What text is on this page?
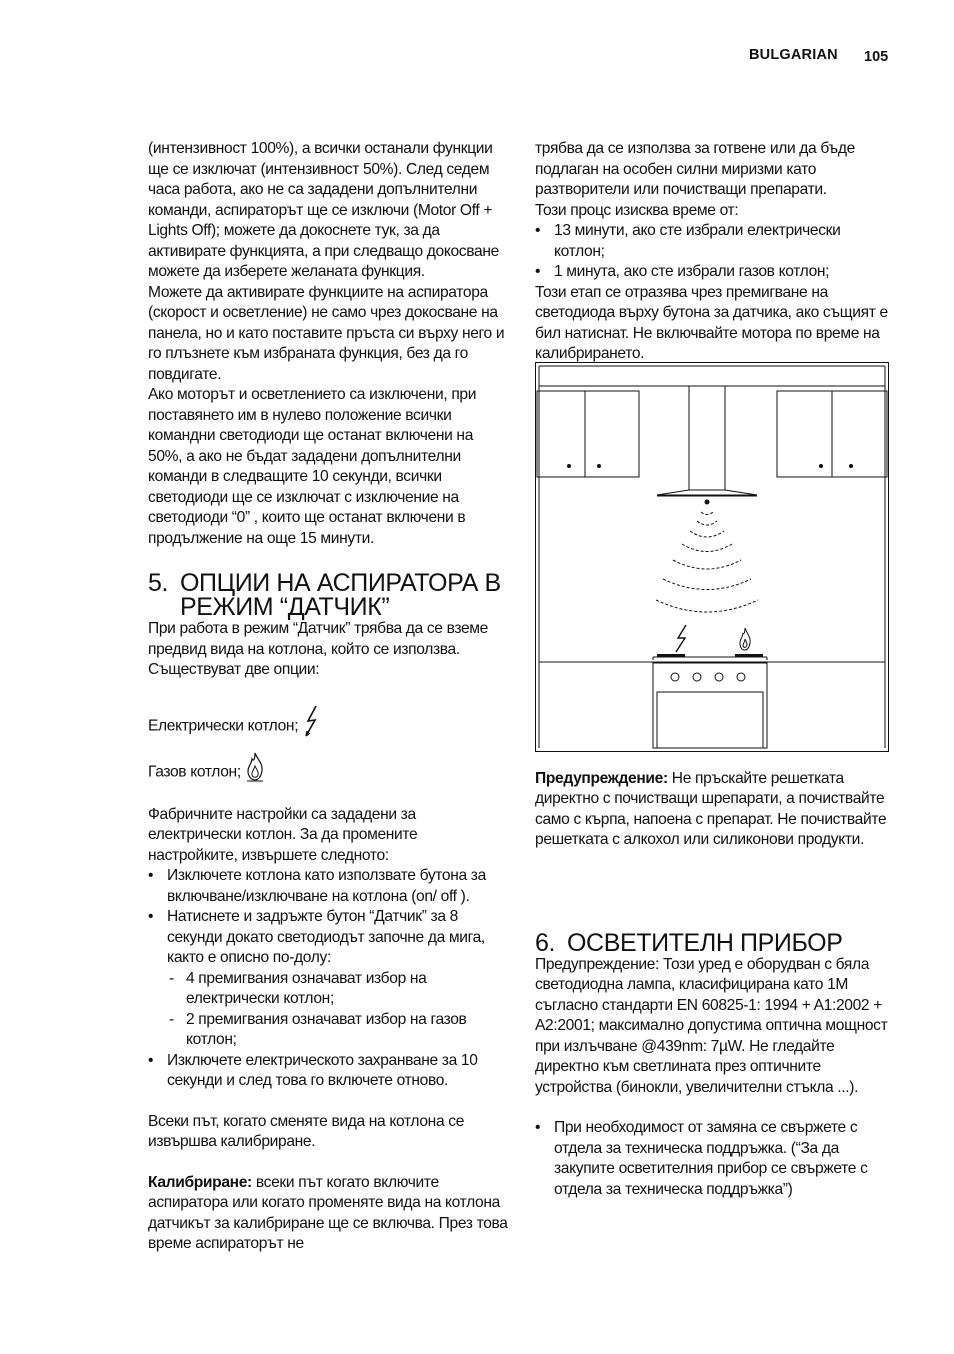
BULGARIAN 105

(интензивност 100%), а всички останали функции ще се изключат (интензивност 50%). След седем часа работа, ако не са зададени допълнителни команди, аспираторът ще се изключи (Motor Off + Lights Off); можете да докоснете тук, за да активирате функцията, а при следващо докосване можете да изберете желаната функция.

Можете да активирате функциите на аспиратора (скорост и осветление) не само чрез докосване на панела, но и като поставите пръста си върху него и го плъзнете към избраната функция, без да го повдигате.

Ако моторът и осветлението са изключени, при поставянето им в нулево положение всички командни светодиоди ще останат включени на 50%, а ако не бъдат зададени допълнителни команди в следващите 10 секунди, всички светодиоди ще се изключат с изключение на светодиоди “0” , които ще останат включени в продължение на още 15 минути.

5. ОПЦИИ НА АСПИРАТОРА В РЕЖИМ “ДАТЧИК”

При работа в режим “Датчик” трябва да се вземе предвид вида на котлона, който се използва. Съществуват две опции:

Електрически котлон;

Газов котлон;

Фабричните настройки са зададени за електрически котлон. За да промените настройките, извършете следното:

• Изключете котлона като използвате бутона за включване/изключване на котлона (on/ off ).
• Натиснете и задръжте бутон “Датчик” за 8 секунди докато светодиодът започне да мига, както е описно по-долу:
- 4 премигвания означават избор на електрически котлон;
- 2 премигвания означават избор на газов котлон;
• Изключете електрическото захранване за 10 секунди и след това го включете отново.

Всеки път, когато сменяте вида на котлона се извършва калибриране.

Калибриране: всеки път когато включите аспиратора или когато променяте вида на котлона датчикът за калибриране ще се включва. През това време аспираторът не

трябва да се използва за готвене или да бъде подлаган на особен силни миризми като разтворители или почистващи препарати.

Този процс изисква време от:

• 13 минути, ако сте избрали електрически котлон;
• 1 минута, ако сте избрали газов котлон;

Този етап се отразява чрез премигване на светодиода върху бутона за датчика, ако същият е бил натиснат. Не включвайте мотора по време на калибрирането.

Предупреждение: Не пръскайте решетката директно с почистващи шрепарати, а почиствайте само с кърпа, напоена с препарат. Не почиствайте решетката с алкохол или силиконови продукти.

6. ОСВЕТИТЕЛН ПРИБОР

Предупреждение: Този уред е оборудван с бяла светодиодна лампа, класифицирана като 1M съгласно стандарти EN 60825-1: 1994 + A1:2002 + A2:2001; максимално допустима оптична мощност при излъчване @439nm: 7µW. Не гледайте директно към светлината през оптичните устройства (бинокли, увеличителни стъкла ...).

• При необходимост от замяна се свържете с отдела за техническа поддръжка. (“За да закупите осветителния прибор се свържете с отдела за техническа поддръжка”)
